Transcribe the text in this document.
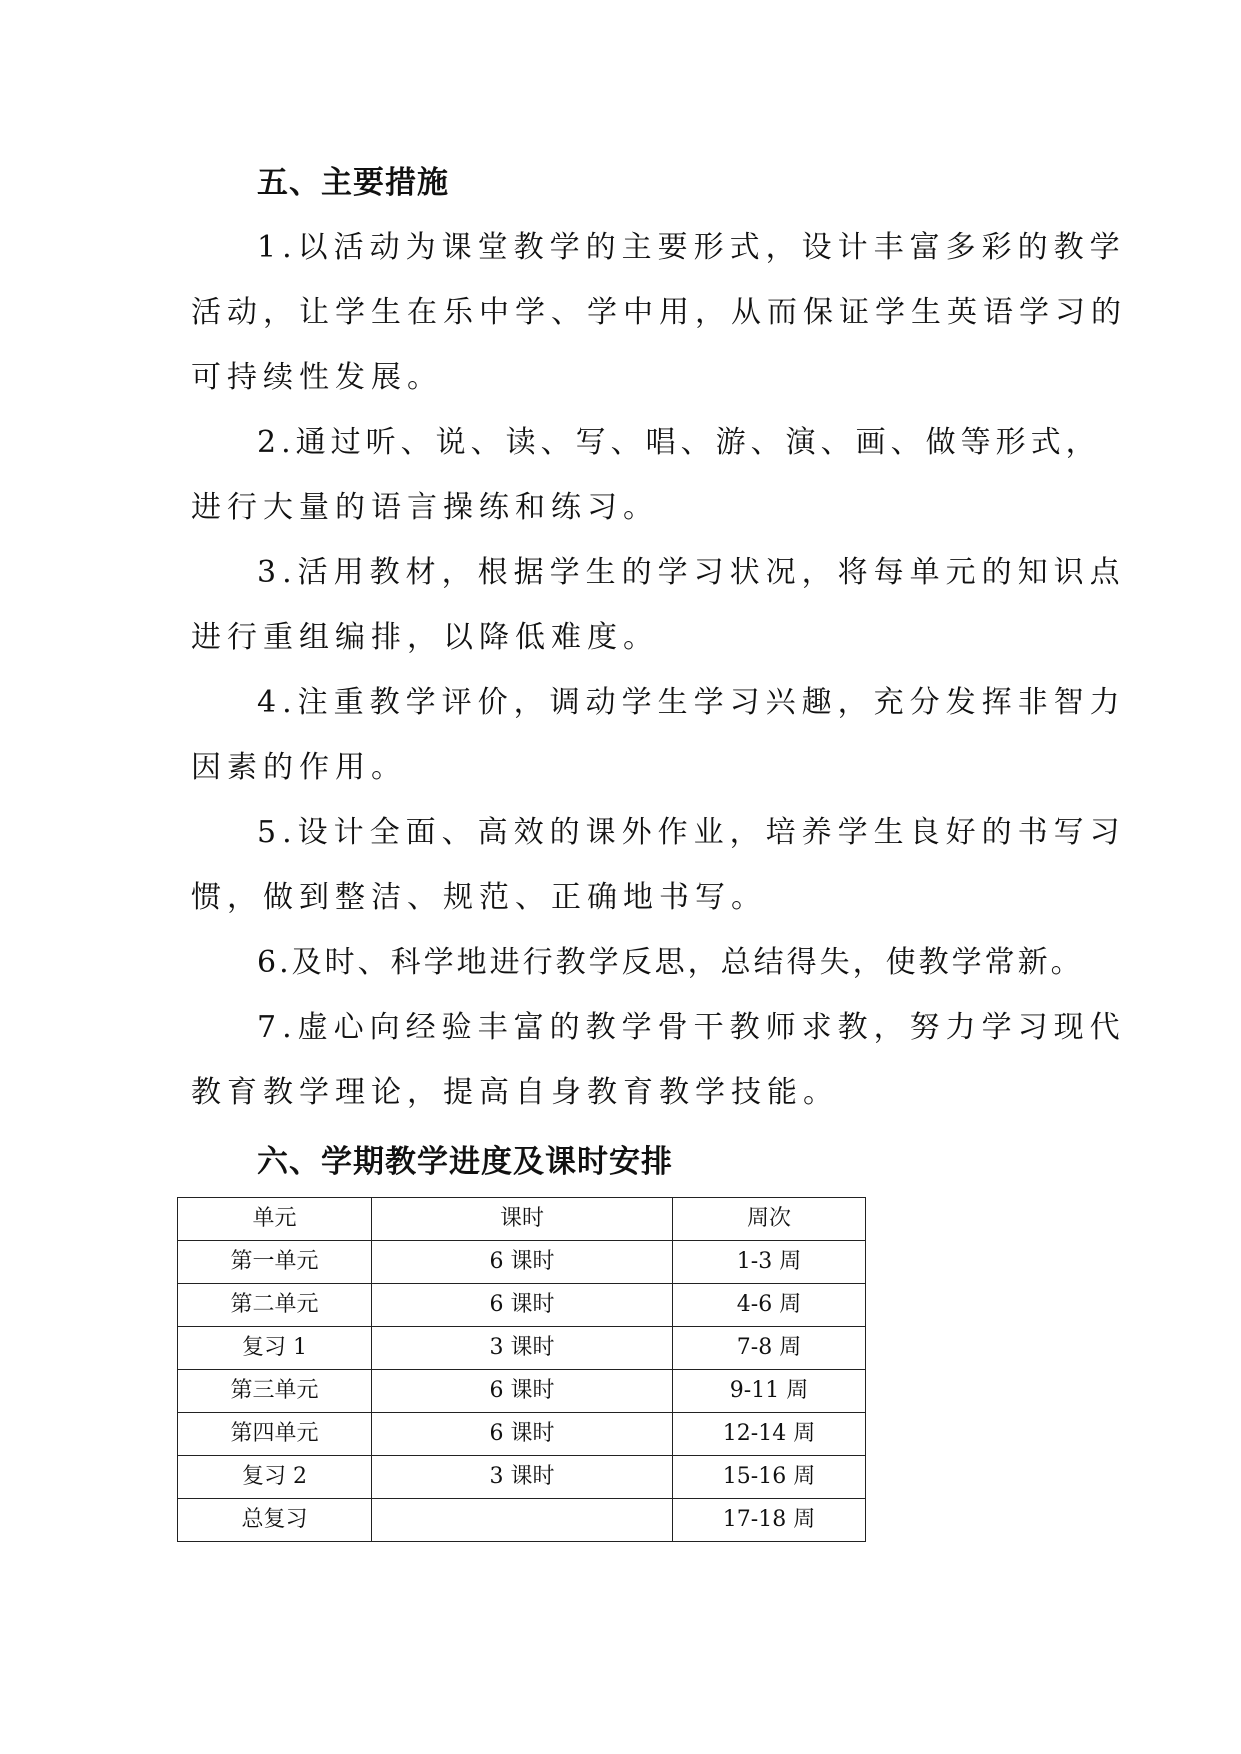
五、主要措施

1.以活动为课堂教学的主要形式，设计丰富多彩的教学

活动，让学生在乐中学、学中用，从而保证学生英语学习的

可持续性发展。

2.通过听、说、读、写、唱、游、演、画、做等形式，

进行大量的语言操练和练习。

3.活用教材，根据学生的学习状况，将每单元的知识点

进行重组编排，以降低难度。

4.注重教学评价，调动学生学习兴趣，充分发挥非智力

因素的作用。

5.设计全面、高效的课外作业，培养学生良好的书写习

惯，做到整洁、规范、正确地书写。

6.及时、科学地进行教学反思，总结得失，使教学常新。

7.虚心向经验丰富的教学骨干教师求教，努力学习现代

教育教学理论，提高自身教育教学技能。

六、学期教学进度及课时安排
单元	课时	周次
第一单元	6 课时	1-3 周
第二单元	6 课时	4-6 周
复习 1	3 课时	7-8 周
第三单元	6 课时	9-11 周
第四单元	6 课时	12-14 周
复习 2	3 课时	15-16 周
总复习		17-18 周
